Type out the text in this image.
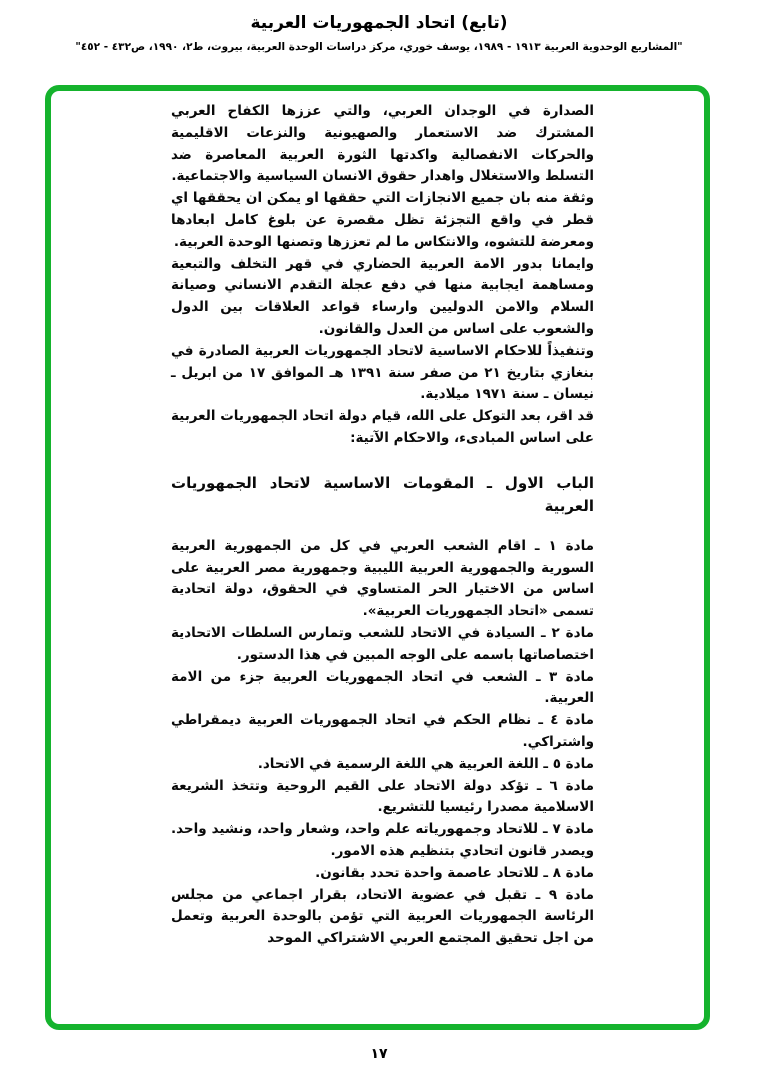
(تابع) اتحاد الجمهوريات العربية
"المشاريع الوحدوية العربية ١٩١٣ - ١٩٨٩، يوسف خوري، مركز دراسات الوحدة العربية، بيروت، ط٢، ١٩٩٠، ص٤٣٢ - ٤٥٢"

الصدارة في الوجدان العربي، والتي عززها الكفاح العربي المشترك ضد الاستعمار والصهيونية والنزعات الاقليمية والحركات الانفصالية واكدتها الثورة العربية المعاصرة ضد التسلط والاستغلال واهدار حقوق الانسان السياسية والاجتماعية.

وثقة منه بان جميع الانجازات التي حققها او يمكن ان يحققها اي قطر في واقع التجزئة تظل مقصرة عن بلوغ كامل ابعادها ومعرضة للتشوه، والانتكاس ما لم تعززها وتصنها الوحدة العربية.

وايمانا بدور الامة العربية الحضاري في قهر التخلف والتبعية ومساهمة ايجابية منها في دفع عجلة التقدم الانساني وصيانة السلام والامن الدوليين وارساء قواعد العلاقات بين الدول والشعوب على اساس من العدل والقانون.

وتنفيذاً للاحكام الاساسية لاتحاد الجمهوريات العربية الصادرة في بنغازي بتاريخ ٢١ من صفر سنة ١٣٩١ هـ الموافق ١٧ من ابريل ـ نيسان ـ سنة ١٩٧١ ميلادية.

قد اقر، بعد التوكل على الله، قيام دولة اتحاد الجمهوريات العربية على اساس المبادىء، والاحكام الآتية:

الباب الاول ـ المقومات الاساسية لاتحاد الجمهوريات العربية

مادة ١ ـ اقام الشعب العربي في كل من الجمهورية العربية السورية والجمهورية العربية الليبية وجمهورية مصر العربية على اساس من الاختيار الحر المتساوي في الحقوق، دولة اتحادية تسمى «اتحاد الجمهوريات العربية».

مادة ٢ ـ السيادة في الاتحاد للشعب وتمارس السلطات الاتحادية اختصاصاتها باسمه على الوجه المبين في هذا الدستور.

مادة ٣ ـ الشعب في اتحاد الجمهوريات العربية جزء من الامة العربية.

مادة ٤ ـ نظام الحكم في اتحاد الجمهوريات العربية ديمقراطي واشتراكي.

مادة ٥ ـ اللغة العربية هي اللغة الرسمية في الاتحاد.

مادة ٦ ـ تؤكد دولة الاتحاد على القيم الروحية وتتخذ الشريعة الاسلامية مصدرا رئيسيا للتشريع.

مادة ٧ ـ للاتحاد وجمهورياته علم واحد، وشعار واحد، ونشيد واحد. ويصدر قانون اتحادي بتنظيم هذه الامور.

مادة ٨ ـ للاتحاد عاصمة واحدة تحدد بقانون.

مادة ٩ ـ تقبل في عضوية الاتحاد، بقرار اجماعي من مجلس الرئاسة الجمهوريات العربية التي تؤمن بالوحدة العربية وتعمل من اجل تحقيق المجتمع العربي الاشتراكي الموحد

١٧
